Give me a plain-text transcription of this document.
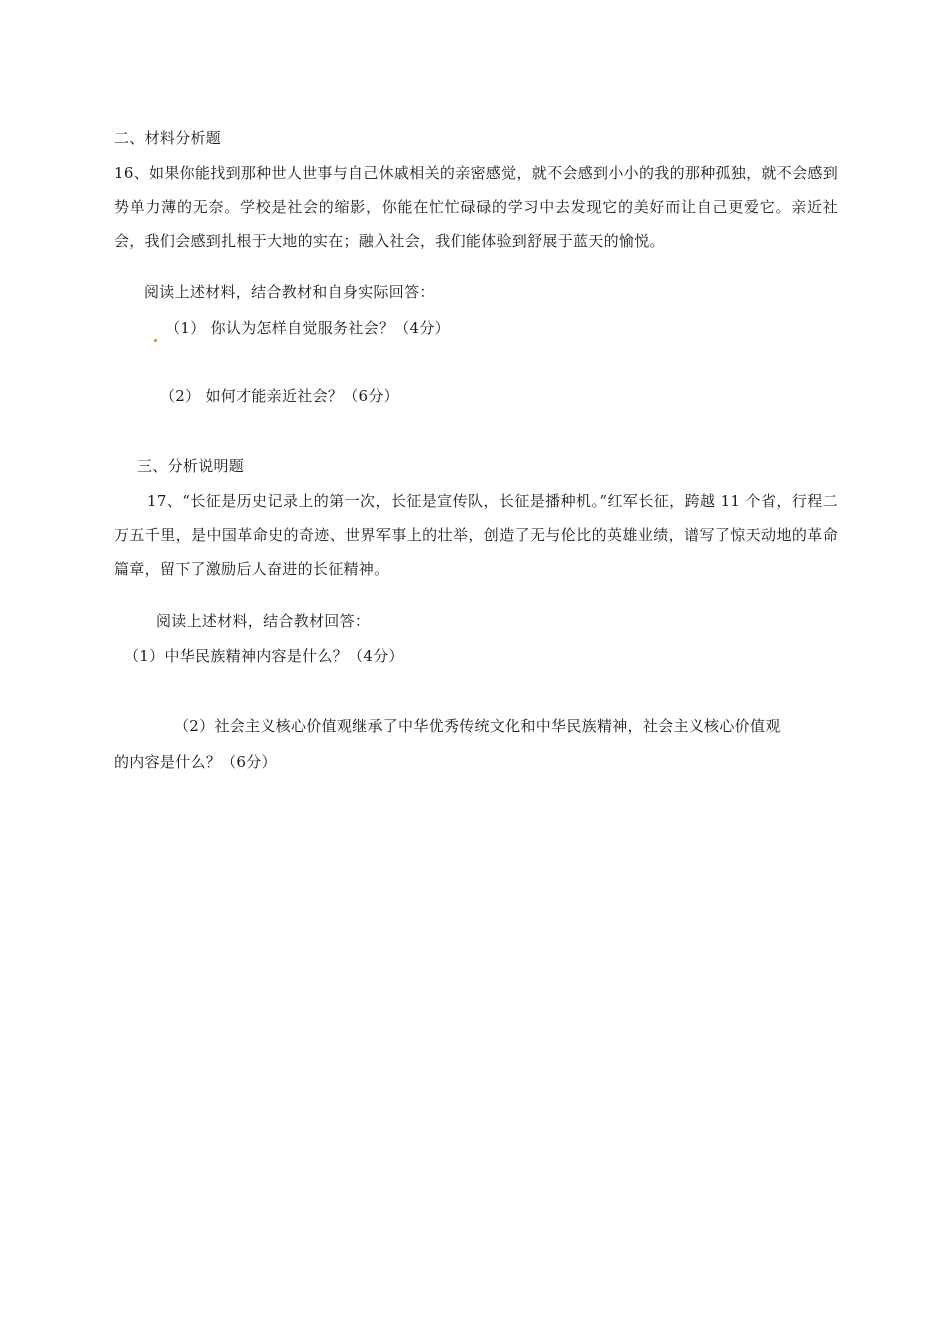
二、材料分析题
16、如果你能找到那种世人世事与自己休戚相关的亲密感觉，就不会感到小小的我的那种孤独，就不会感到势单力薄的无奈。学校是社会的缩影，你能在忙忙碌碌的学习中去发现它的美好而让自己更爱它。亲近社会，我们会感到扎根于大地的实在；融入社会，我们能体验到舒展于蓝天的愉悦。
阅读上述材料，结合教材和自身实际回答：
（1） 你认为怎样自觉服务社会？（4分）
（2） 如何才能亲近社会？（6分）
三、分析说明题
17、“长征是历史记录上的第一次，长征是宣传队，长征是播种机。”红军长征，跨越 11 个省，行程二万五千里，是中国革命史的奇迹、世界军事上的壮举，创造了无与伦比的英雄业绩，谱写了惊天动地的革命篇章，留下了激励后人奋进的长征精神。
阅读上述材料，结合教材回答：
（1）中华民族精神内容是什么？（4分）
（2）社会主义核心价值观继承了中华优秀传统文化和中华民族精神，社会主义核心价值观
的内容是什么？（6分）
